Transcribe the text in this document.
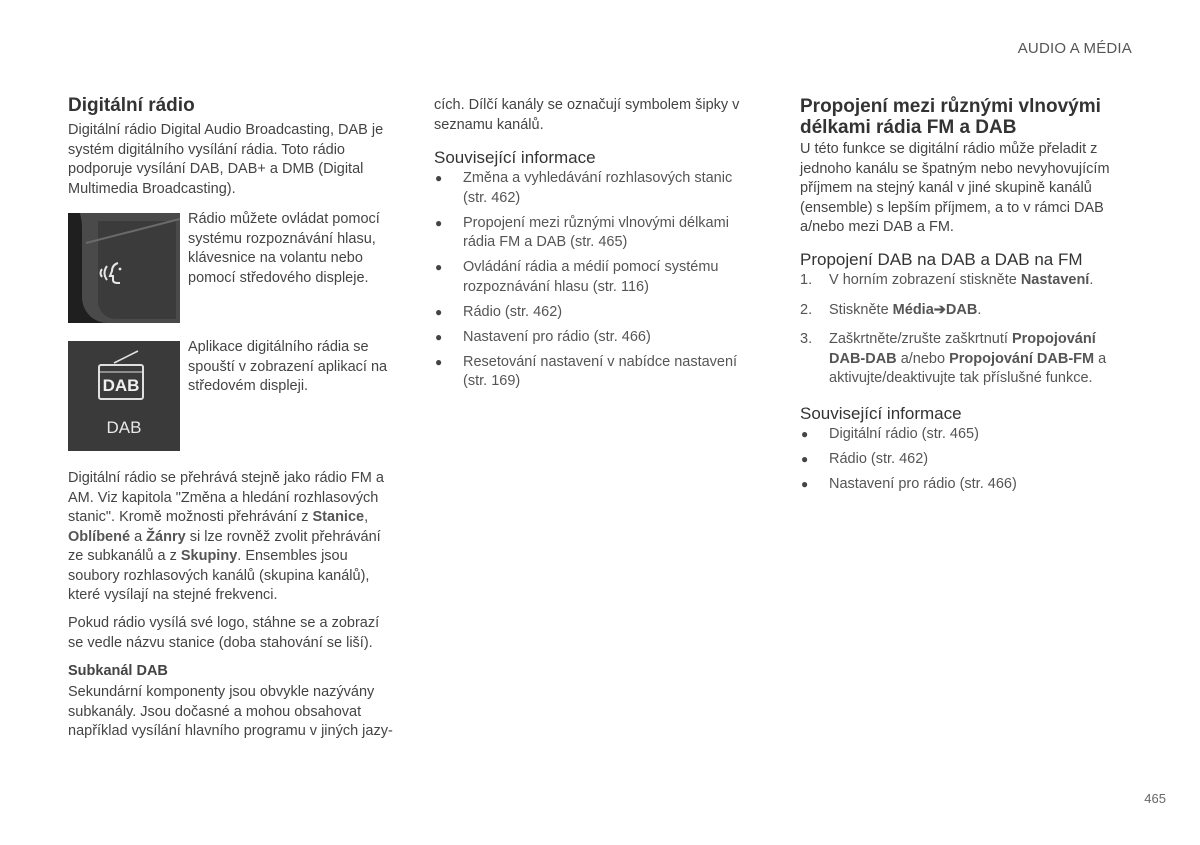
AUDIO A MÉDIA
Digitální rádio

Digitální rádio Digital Audio Broadcasting, DAB je systém digitálního vysílání rádia. Toto rádio podporuje vysílání DAB, DAB+ a DMB (Digital Multimedia Broadcasting).

Rádio můžete ovládat pomocí systému rozpoznávání hlasu, klávesnice na volantu nebo pomocí středového displeje.

DAB
DAB

Aplikace digitálního rádia se spouští v zobrazení aplikací na středovém displeji.

Digitální rádio se přehrává stejně jako rádio FM a AM. Viz kapitola "Změna a hledání rozhlasových stanic". Kromě možnosti přehrávání z Stanice, Oblíbené a Žánry si lze rovněž zvolit přehrávání ze subkanálů a z Skupiny. Ensembles jsou soubory rozhlasových kanálů (skupina kanálů), které vysílají na stejné frekvenci.

Pokud rádio vysílá své logo, stáhne se a zobrazí se vedle názvu stanice (doba stahování se liší).

Subkanál DAB

Sekundární komponenty jsou obvykle nazývány subkanály. Jsou dočasné a mohou obsahovat například vysílání hlavního programu v jiných jazy-

cích. Dílčí kanály se označují symbolem šipky v seznamu kanálů.

Související informace
● Změna a vyhledávání rozhlasových stanic (str. 462)
● Propojení mezi různými vlnovými délkami rádia FM a DAB (str. 465)
● Ovládání rádia a médií pomocí systému rozpoznávání hlasu (str. 116)
● Rádio (str. 462)
● Nastavení pro rádio (str. 466)
● Resetování nastavení v nabídce nastavení (str. 169)
Propojení mezi různými vlnovými délkami rádia FM a DAB

U této funkce se digitální rádio může přeladit z jednoho kanálu se špatným nebo nevyhovujícím příjmem na stejný kanál v jiné skupině kanálů (ensemble) s lepším příjmem, a to v rámci DAB a/nebo mezi DAB a FM.

Propojení DAB na DAB a DAB na FM
1. V horním zobrazení stiskněte Nastavení.
2. Stiskněte Média➔DAB.
3. Zaškrtněte/zrušte zaškrtnutí Propojování DAB-DAB a/nebo Propojování DAB-FM a aktivujte/deaktivujte tak příslušné funkce.
Související informace
● Digitální rádio (str. 465)
● Rádio (str. 462)
● Nastavení pro rádio (str. 466)
465
